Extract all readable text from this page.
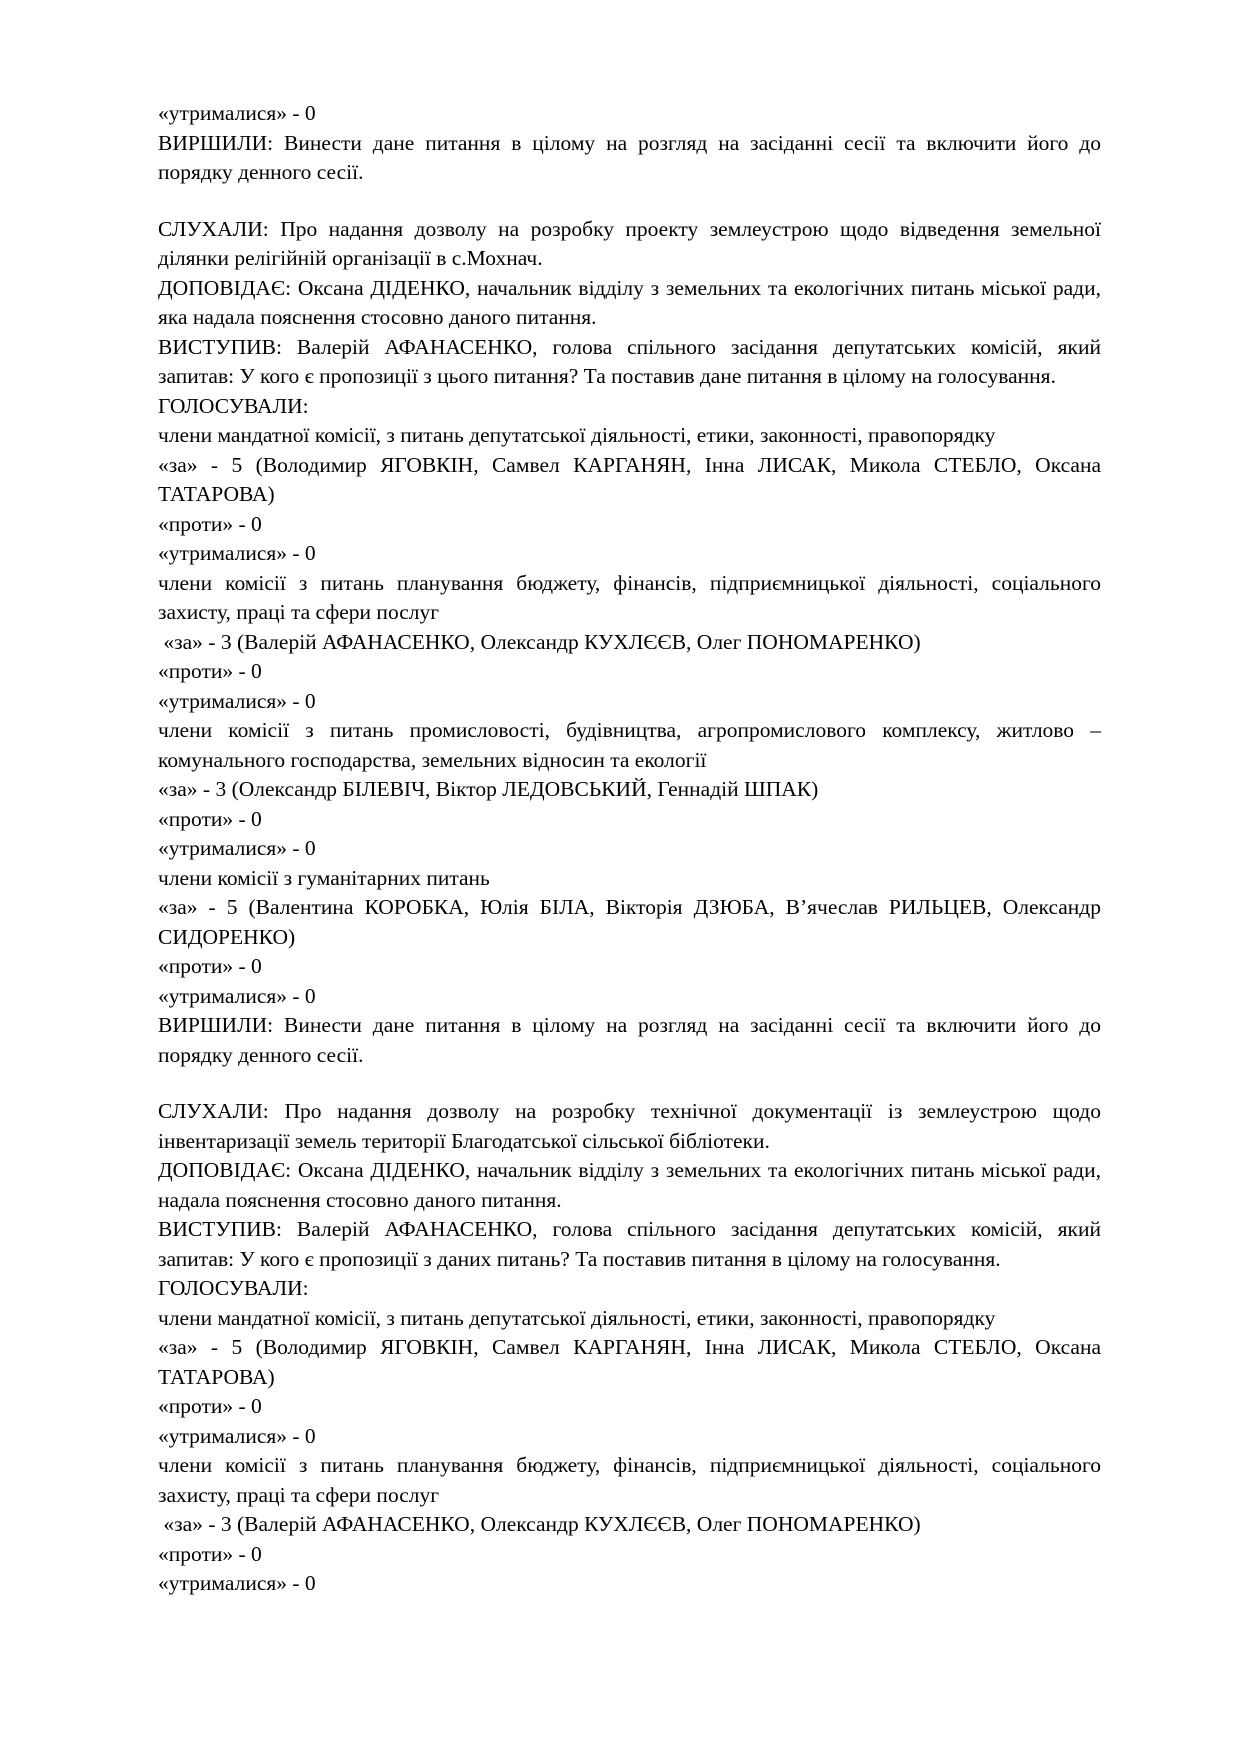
«утрималися» - 0

ВИРШИЛИ: Винести дане питання в цілому на розгляд на засіданні сесії та включити його до порядку денного сесії.

СЛУХАЛИ: Про надання дозволу на розробку проекту землеустрою щодо відведення земельної ділянки релігійній організації в с.Мохнач.

ДОПОВІДАЄ: Оксана ДІДЕНКО, начальник відділу з земельних та екологічних питань міської ради, яка надала пояснення стосовно даного питання.

ВИСТУПИВ: Валерій АФАНАСЕНКО, голова спільного засідання депутатських комісій, який запитав: У кого є пропозиції з цього питання? Та поставив дане питання в цілому на голосування.

ГОЛОСУВАЛИ:

члени мандатної комісії, з питань депутатської діяльності, етики, законності, правопорядку

«за» - 5 (Володимир ЯГОВКІН, Самвел КАРГАНЯН, Інна ЛИСАК, Микола СТЕБЛО, Оксана ТАТАРОВА)

«проти» - 0

«утрималися» - 0

члени комісії з питань планування бюджету, фінансів, підприємницької діяльності, соціального захисту, праці та сфери послуг

«за» - 3 (Валерій АФАНАСЕНКО, Олександр КУХЛЄЄВ, Олег ПОНОМАРЕНКО)

«проти» - 0

«утрималися» - 0

члени комісії з питань промисловості, будівництва, агропромислового комплексу, житлово – комунального господарства, земельних відносин та екології

«за» - 3 (Олександр БІЛЕВІЧ, Віктор ЛЕДОВСЬКИЙ, Геннадій ШПАК)

«проти» - 0

«утрималися» - 0

члени комісії з гуманітарних питань

«за» - 5 (Валентина КОРОБКА, Юлія БІЛА, Вікторія ДЗЮБА, В’ячеслав РИЛЬЦЕВ, Олександр СИДОРЕНКО)

«проти» - 0

«утрималися» - 0

ВИРШИЛИ: Винести дане питання в цілому на розгляд на засіданні сесії та включити його до порядку денного сесії.

СЛУХАЛИ: Про надання дозволу на розробку технічної документації із землеустрою щодо інвентаризації земель території Благодатської сільської бібліотеки.

ДОПОВІДАЄ: Оксана ДІДЕНКО, начальник відділу з земельних та екологічних питань міської ради, надала пояснення стосовно даного питання.

ВИСТУПИВ: Валерій АФАНАСЕНКО, голова спільного засідання депутатських комісій, який запитав: У кого є пропозиції з даних питань? Та поставив питання в цілому на голосування.

ГОЛОСУВАЛИ:

члени мандатної комісії, з питань депутатської діяльності, етики, законності, правопорядку

«за» - 5 (Володимир ЯГОВКІН, Самвел КАРГАНЯН, Інна ЛИСАК, Микола СТЕБЛО, Оксана ТАТАРОВА)

«проти» - 0

«утрималися» - 0

члени комісії з питань планування бюджету, фінансів, підприємницької діяльності, соціального захисту, праці та сфери послуг

«за» - 3 (Валерій АФАНАСЕНКО, Олександр КУХЛЄЄВ, Олег ПОНОМАРЕНКО)

«проти» - 0

«утрималися» - 0
